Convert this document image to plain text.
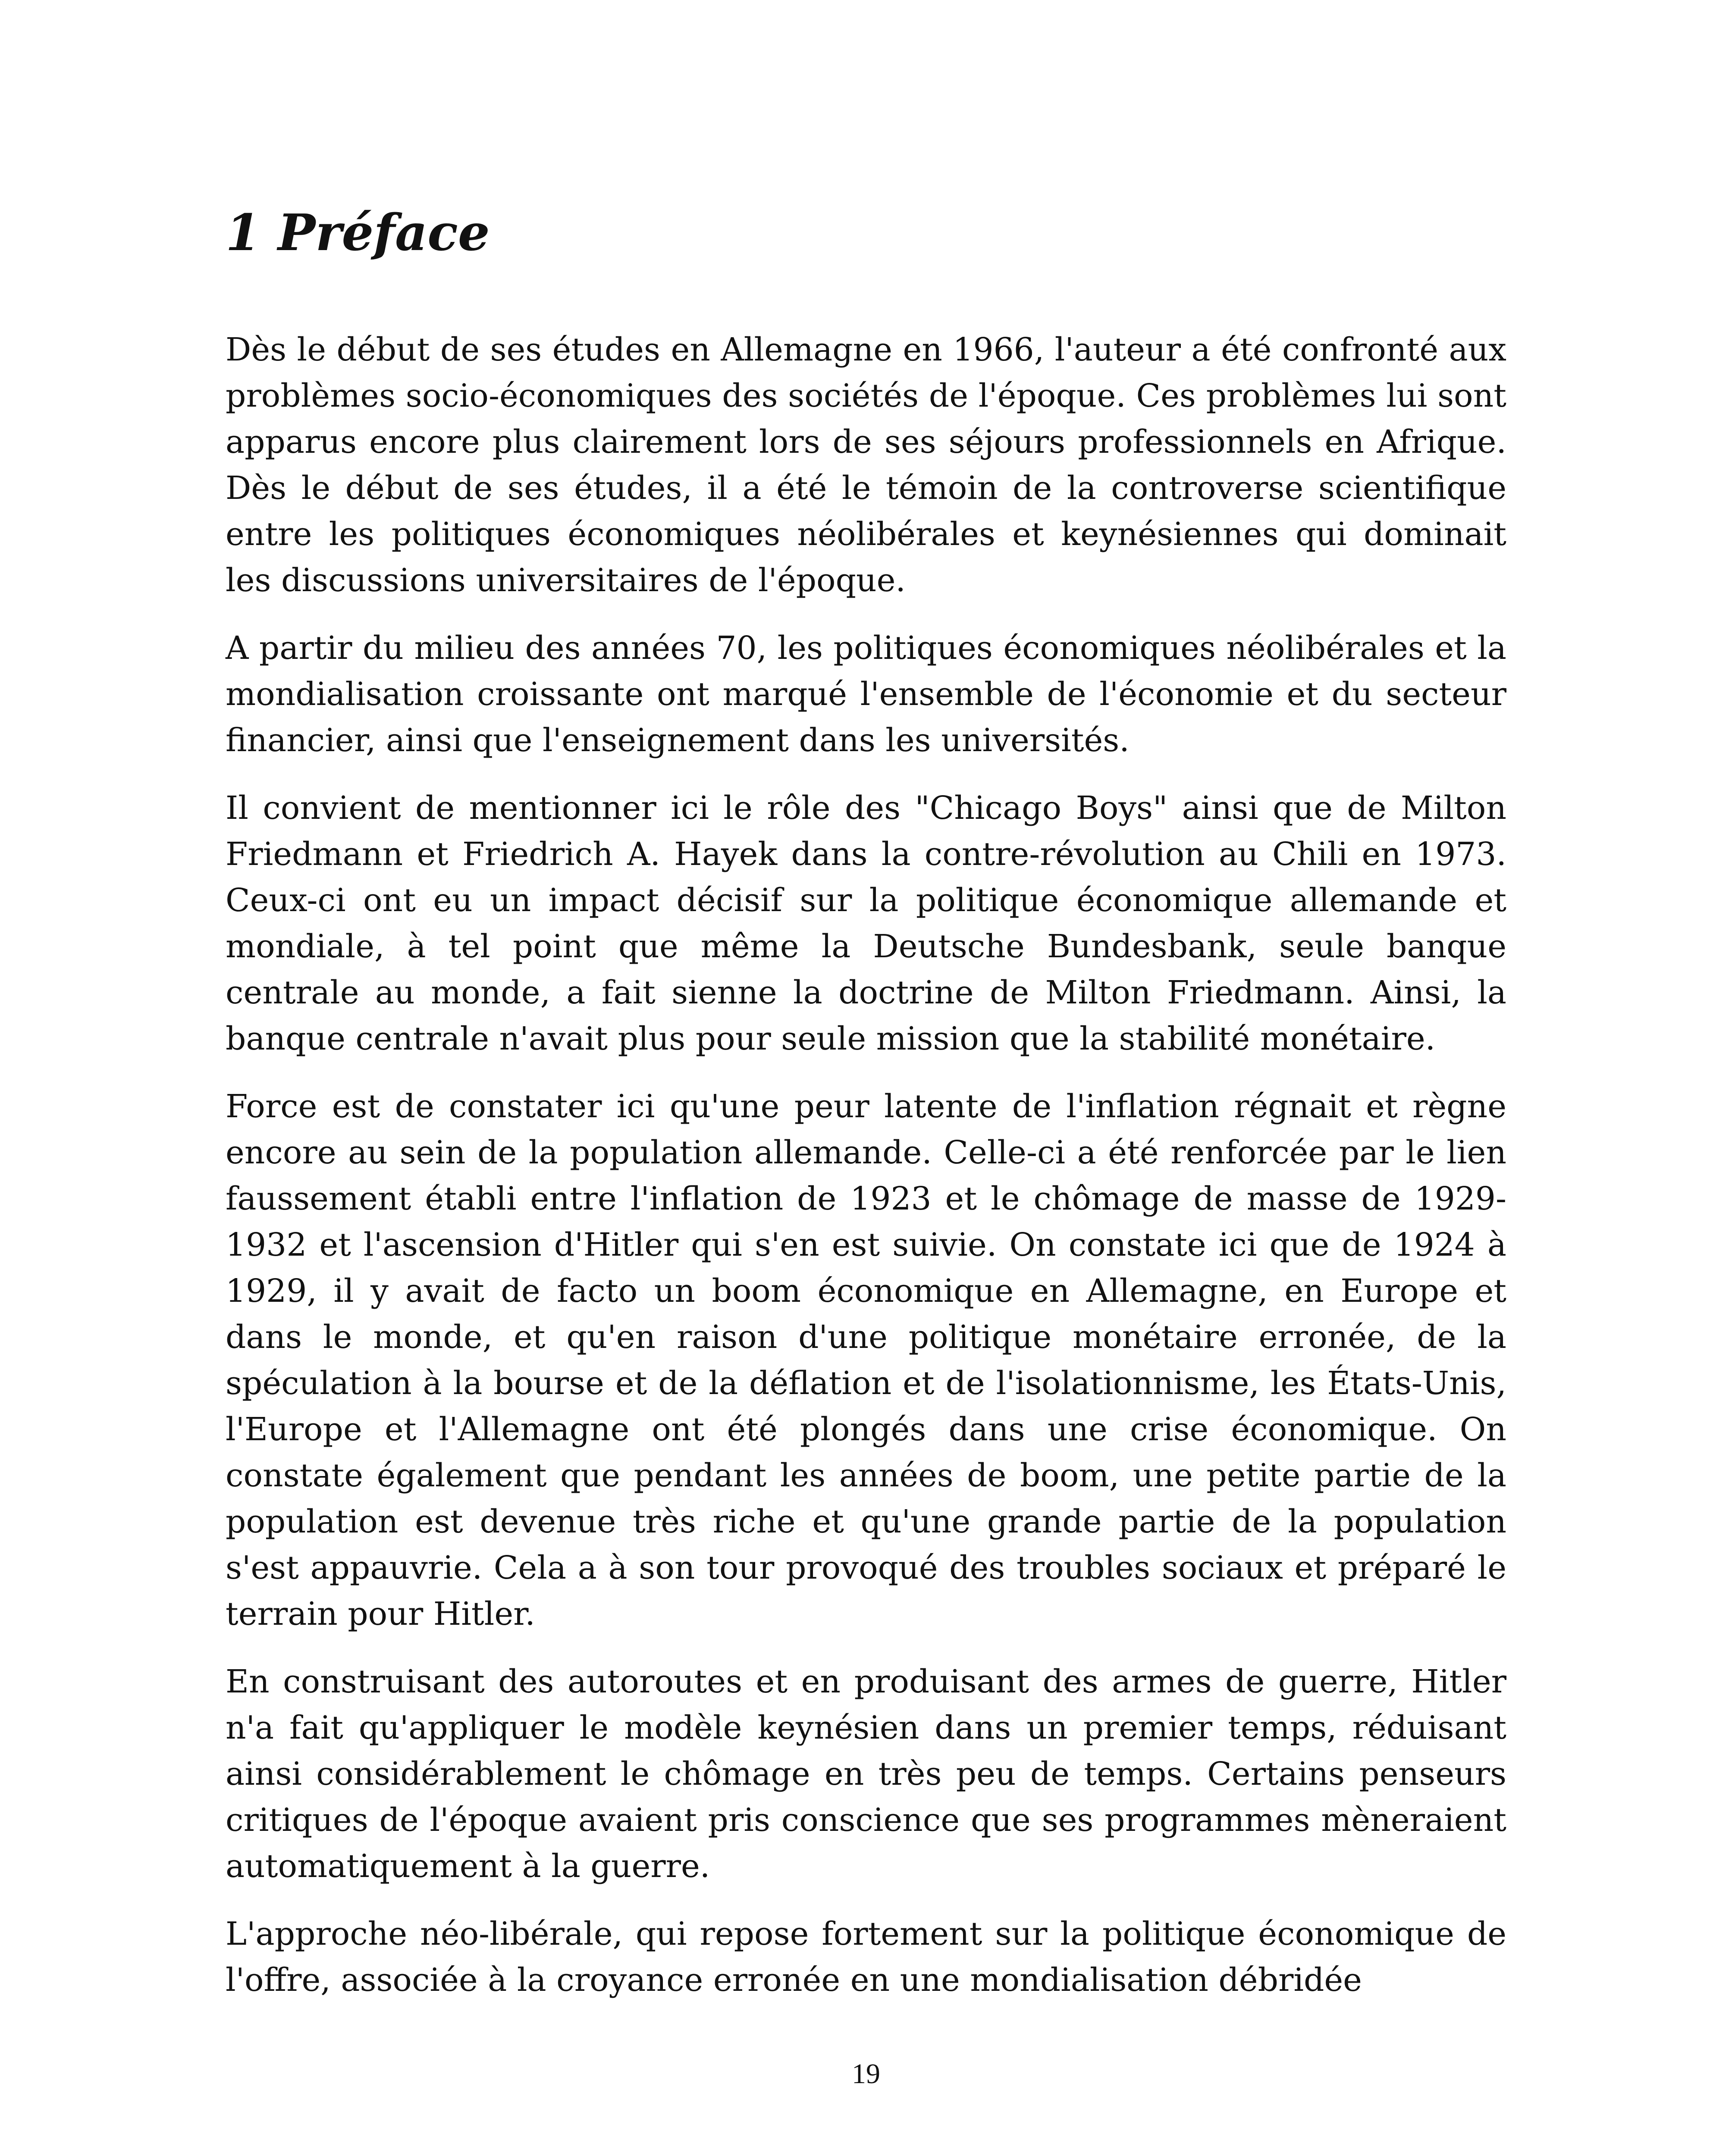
1 Préface

Dès le début de ses études en Allemagne en 1966, l'auteur a été confronté aux problèmes socio-économiques des sociétés de l'époque. Ces problèmes lui sont apparus encore plus clairement lors de ses séjours professionnels en Afrique. Dès le début de ses études, il a été le témoin de la controverse scientifique entre les politiques économiques néolibérales et keynésiennes qui dominait les discussions universitaires de l'époque.

A partir du milieu des années 70, les politiques économiques néolibérales et la mondialisation croissante ont marqué l'ensemble de l'économie et du secteur financier, ainsi que l'enseignement dans les universités.

Il convient de mentionner ici le rôle des "Chicago Boys" ainsi que de Milton Friedmann et Friedrich A. Hayek dans la contre-révolution au Chili en 1973. Ceux-ci ont eu un impact décisif sur la politique économique allemande et mondiale, à tel point que même la Deutsche Bundesbank, seule banque centrale au monde, a fait sienne la doctrine de Milton Friedmann. Ainsi, la banque centrale n'avait plus pour seule mission que la stabilité monétaire.

Force est de constater ici qu'une peur latente de l'inflation régnait et règne encore au sein de la population allemande. Celle-ci a été renforcée par le lien faussement établi entre l'inflation de 1923 et le chômage de masse de 1929-1932 et l'ascension d'Hitler qui s'en est suivie. On constate ici que de 1924 à 1929, il y avait de facto un boom économique en Allemagne, en Europe et dans le monde, et qu'en raison d'une politique monétaire erronée, de la spéculation à la bourse et de la déflation et de l'isolationnisme, les États-Unis, l'Europe et l'Allemagne ont été plongés dans une crise économique. On constate également que pendant les années de boom, une petite partie de la population est devenue très riche et qu'une grande partie de la population s'est appauvrie. Cela a à son tour provoqué des troubles sociaux et préparé le terrain pour Hitler.

En construisant des autoroutes et en produisant des armes de guerre, Hitler n'a fait qu'appliquer le modèle keynésien dans un premier temps, réduisant ainsi considérablement le chômage en très peu de temps. Certains penseurs critiques de l'époque avaient pris conscience que ses programmes mèneraient automatiquement à la guerre.

L'approche néo-libérale, qui repose fortement sur la politique économique de l'offre, associée à la croyance erronée en une mondialisation débridée

19
